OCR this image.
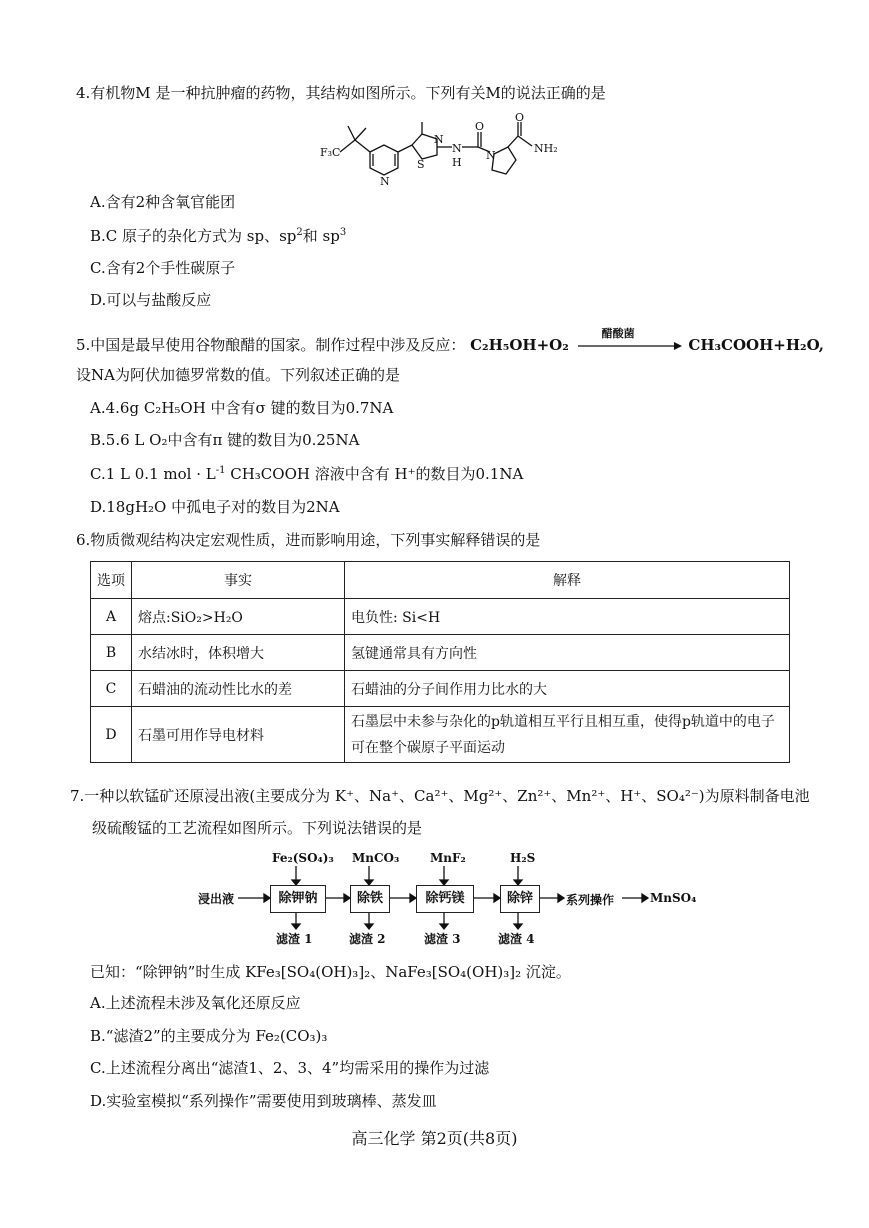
4.有机物M 是一种抗肿瘤的药物，其结构如图所示。下列有关M的说法正确的是
F₃C
N
S
N
N
H
N
O
O
NH₂
A.含有2种含氧官能团
B.C 原子的杂化方式为 sp、$sp^2$和 $sp^3$
C.含有2个手性碳原子
D.可以与盐酸反应
5.中国是最早使用谷物酿醋的国家。制作过程中涉及反应： C₂H₅OH+O₂
醋酸菌
CH₃COOH+H₂O,
设NA为阿伏加德罗常数的值。下列叙述正确的是
A.4.6g C₂H₅OH 中含有σ 键的数目为0.7NA
B.5.6 L O₂中含有π 键的数目为0.25NA
C.1 L 0.1 mol · $L^{-1}$ CH₃COOH 溶液中含有 H⁺的数目为0.1NA
D.18gH₂O 中孤电子对的数目为2NA
6.物质微观结构决定宏观性质，进而影响用途，下列事实解释错误的是
选项	事实	解释
A	熔点:SiO₂>H₂O	电负性: Si<H
B	水结冰时，体积增大	氢键通常具有方向性
C	石蜡油的流动性比水的差	石蜡油的分子间作用力比水的大
D	石墨可用作导电材料	石墨层中未参与杂化的p轨道相互平行且相互重，使得p轨道中的电子可在整个碳原子平面运动
7.一种以软锰矿还原浸出液(主要成分为 K⁺、Na⁺、Ca²⁺、Mg²⁺、Zn²⁺、Mn²⁺、H⁺、SO₄²⁻)为原料制备电池
级硫酸锰的工艺流程如图所示。下列说法错误的是
浸出液
Fe₂(SO₄)₃
除钾钠
滤渣 1
MnCO₃
除铁
滤渣 2
MnF₂
除钙镁
滤渣 3
H₂S
除锌
滤渣 4
系列操作	MnSO₄
已知：“除钾钠”时生成 KFe₃[SO₄(OH)₃]₂、NaFe₃[SO₄(OH)₃]₂ 沉淀。
A.上述流程未涉及氧化还原反应
B.“滤渣2”的主要成分为 Fe₂(CO₃)₃
C.上述流程分离出“滤渣1、2、3、4”均需采用的操作为过滤
D.实验室模拟“系列操作”需要使用到玻璃棒、蒸发皿
高三化学 第2页(共8页)
